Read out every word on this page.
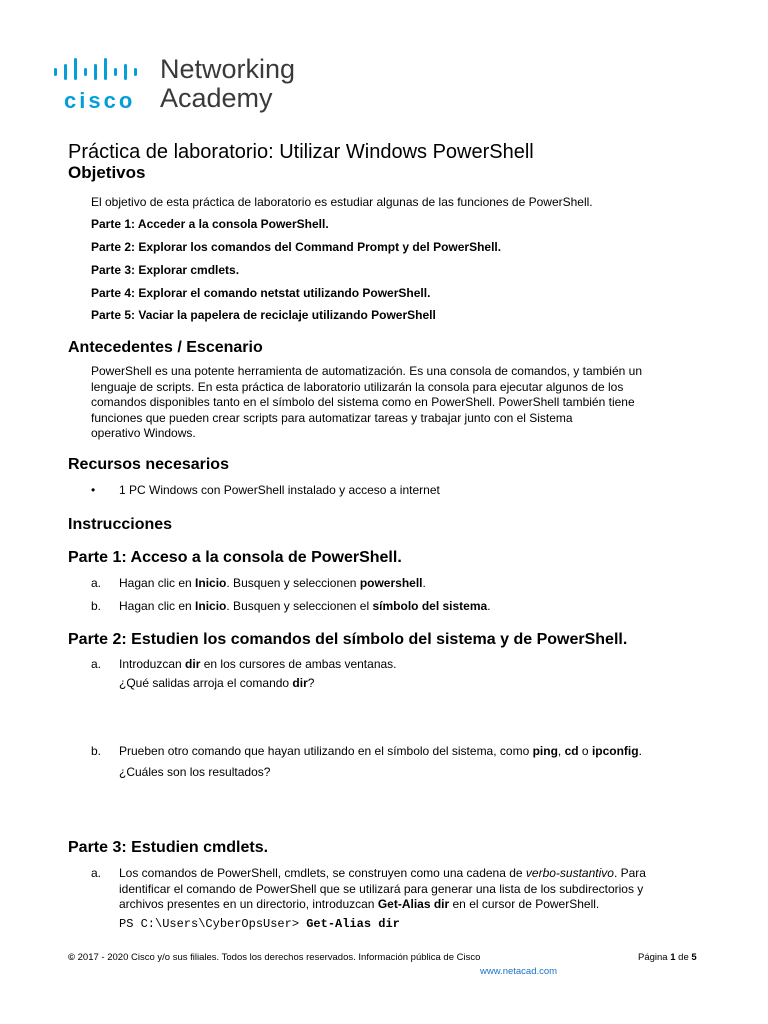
cisco
Networking
Academy
Práctica de laboratorio: Utilizar Windows PowerShell
Objetivos
El objetivo de esta práctica de laboratorio es estudiar algunas de las funciones de PowerShell.
Parte 1: Acceder a la consola PowerShell.
Parte 2: Explorar los comandos del Command Prompt y del PowerShell.
Parte 3: Explorar cmdlets.
Parte 4: Explorar el comando netstat utilizando PowerShell.
Parte 5: Vaciar la papelera de reciclaje utilizando PowerShell
Antecedentes / Escenario
PowerShell es una potente herramienta de automatización. Es una consola de comandos, y también un
lenguaje de scripts. En esta práctica de laboratorio utilizarán la consola para ejecutar algunos de los
comandos disponibles tanto en el símbolo del sistema como en PowerShell. PowerShell también tiene
funciones que pueden crear scripts para automatizar tareas y trabajar junto con el Sistema
operativo Windows.
Recursos necesarios
• 1 PC Windows con PowerShell instalado y acceso a internet
Instrucciones
Parte 1: Acceso a la consola de PowerShell.
a. Hagan clic en Inicio. Busquen y seleccionen powershell.
b. Hagan clic en Inicio. Busquen y seleccionen el símbolo del sistema.
Parte 2: Estudien los comandos del símbolo del sistema y de PowerShell.
a. Introduzcan dir en los cursores de ambas ventanas.
¿Qué salidas arroja el comando dir?
b. Prueben otro comando que hayan utilizando en el símbolo del sistema, como ping, cd o ipconfig.
¿Cuáles son los resultados?
Parte 3: Estudien cmdlets.
a. Los comandos de PowerShell, cmdlets, se construyen como una cadena de verbo-sustantivo. Para
identificar el comando de PowerShell que se utilizará para generar una lista de los subdirectorios y
archivos presentes en un directorio, introduzcan Get-Alias dir en el cursor de PowerShell.
PS C:\Users\CyberOpsUser> Get-Alias dir
© 2017 - 2020 Cisco y/o sus filiales. Todos los derechos reservados. Información pública de Cisco	Página 1 de 5
www.netacad.com
